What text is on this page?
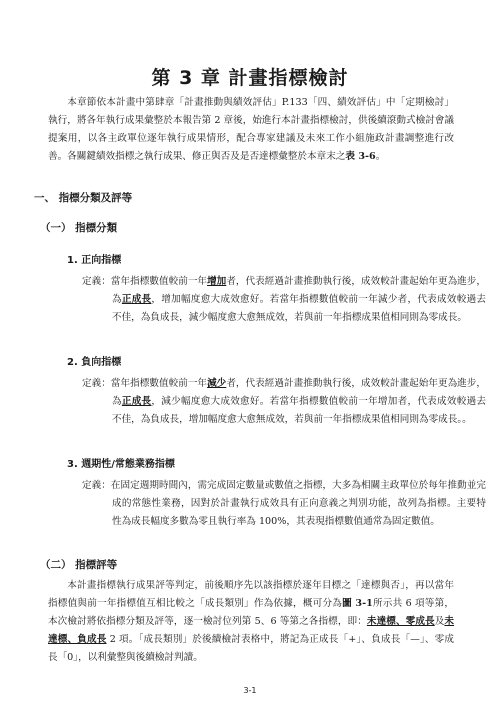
第 3 章 計畫指標檢討

本章節依本計畫中第肆章「計畫推動與績效評估」P.133「四、績效評估」中「定期檢討」執行，將各年執行成果彙整於本報告第 2 章後，始進行本計畫指標檢討，供後續滾動式檢討會議提案用，以各主政單位逐年執行成果情形，配合專家建議及未來工作小組施政計畫調整進行改善。各關鍵績效指標之執行成果、修正與否及是否達標彙整於本章末之表 3-6。

一、 指標分類及評等
（一） 指標分類
1. 正向指標

定義：當年指標數值較前一年增加者，代表經過計畫推動執行後，成效較計畫起始年更為進步，為正成長，增加幅度愈大成效愈好。若當年指標數值較前一年減少者，代表成效較過去不佳，為負成長，減少幅度愈大愈無成效，若與前一年指標成果值相同則為零成長。

2. 負向指標

定義：當年指標數值較前一年減少者，代表經過計畫推動執行後，成效較計畫起始年更為進步，為正成長，減少幅度愈大成效愈好。若當年指標數值較前一年增加者，代表成效較過去不佳，為負成長，增加幅度愈大愈無成效，若與前一年指標成果值相同則為零成長。。

3. 週期性/常態業務指標

定義：在固定週期時間內，需完成固定數量或數值之指標，大多為相關主政單位於每年推動並完成的常態性業務，因對於計畫執行成效具有正向意義之判別功能，故列為指標。主要特性為成長幅度多數為零且執行率為 100%，其表現指標數值通常為固定數值。

（二） 指標評等

本計畫指標執行成果評等判定，前後順序先以該指標於逐年目標之「達標與否」，再以當年指標值與前一年指標值互相比較之「成長類別」作為依據，概可分為圖 3-1所示共 6 項等第，本次檢討將依指標分類及評等，逐一檢討位列第 5、6 等第之各指標，即：未達標、零成長及未達標、負成長 2 項。「成長類別」於後續檢討表格中，將記為正成長「+」、負成長「—」、零成長「0」，以利彙整與後續檢討判讀。

3-1
